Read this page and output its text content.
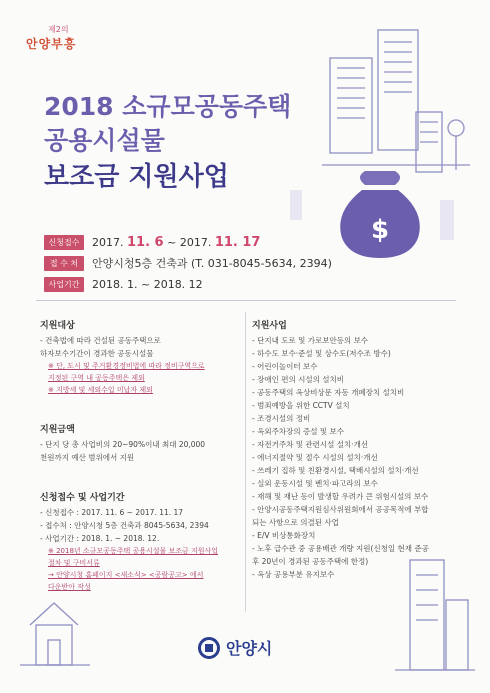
$
제2의
안양부흥
2018 소규모공동주택
공용시설물
보조금 지원사업
신청접수	2017. 11. 6 ~ 2017. 11. 17
접 수 처	안양시청5층 건축과 (T. 031-8045-5634, 2394)
사업기간	2018. 1. ~ 2018. 12
지원대상
- 건축법에 따라 건설된 공동주택으로
하자보수기간이 경과한 공동시설물
※ 단, 도시 및 주거환경정비법에 따라 정비구역으로
지정된 구역 내 공동주택은 제외
※ 지방세 및 세외수입 미납자 제외
지원금액
- 단지 당 총 사업비의 20~90%이내 최대 20,000
천원까지 예산 범위에서 지원
신청접수 및 사업기간
- 신청접수 : 2017. 11. 6 ~ 2017. 11. 17
- 접수처 : 안양시청 5층 건축과 8045-5634, 2394
- 사업기간 : 2018. 1. ~ 2018. 12.
※ 2018년 소규모공동주택 공용시설물 보조금 지원사업
절차 및 구비서류
→ 안양시청 홈페이지 <새소식> <공람공고> 에서
다운받아 작성
지원사업
- 단지내 도로 및 가로보안등의 보수
- 하수도 보수·준설 및 상수도(저수조 방수)
- 어린이놀이터 보수
- 장애인 편의 시설의 설치비
- 공동주택의 옥상비상문 자동 개폐장치 설치비
- 범죄예방을 위한 CCTV 설치
- 조경시설의 정비
- 옥외주차장의 증설 및 보수
- 자전거주차 및 관련시설 설치·개선
- 에너지절약 및 절수 시설의 설치·개선
- 쓰레기 집하 및 친환경시설, 택배시설의 설치·개선
- 실외 운동시설 및 벤치·파고라의 보수
- 재해 및 재난 등이 발생할 우려가 큰 위험시설의 보수
- 안양시공동주택지원심사위원회에서 공공목적에 부합
되는 사항으로 의결된 사업
- E/V 비상통화장치
- 노후 급수관 중 공용배관 개량 지원(신청일 현재 준공
후 20년이 경과된 공동주택에 한정)
- 옥상 공용부분 유지보수
안양시
